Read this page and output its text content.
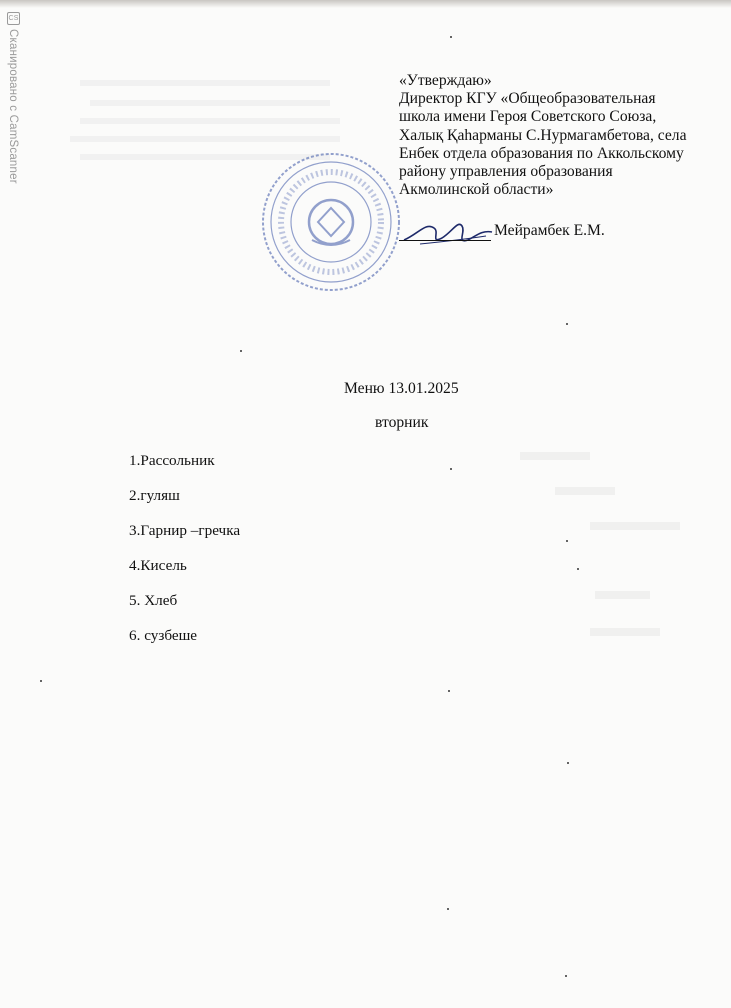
CS
Сканировано с CamScanner	«Утверждаю»
Директор КГУ «Общеобразовательная
школа имени Героя Советского Союза,
Халық Қаһарманы С.Нурмагамбетова, села
Енбек отдела образования по Аккольскому
району управления образования
Акмолинской области»
Мейрамбек Е.М.
Меню 13.01.2025
вторник
1.Рассольник
2.гуляш
3.Гарнир –гречка
4.Кисель
5. Хлеб
6. сузбеше
